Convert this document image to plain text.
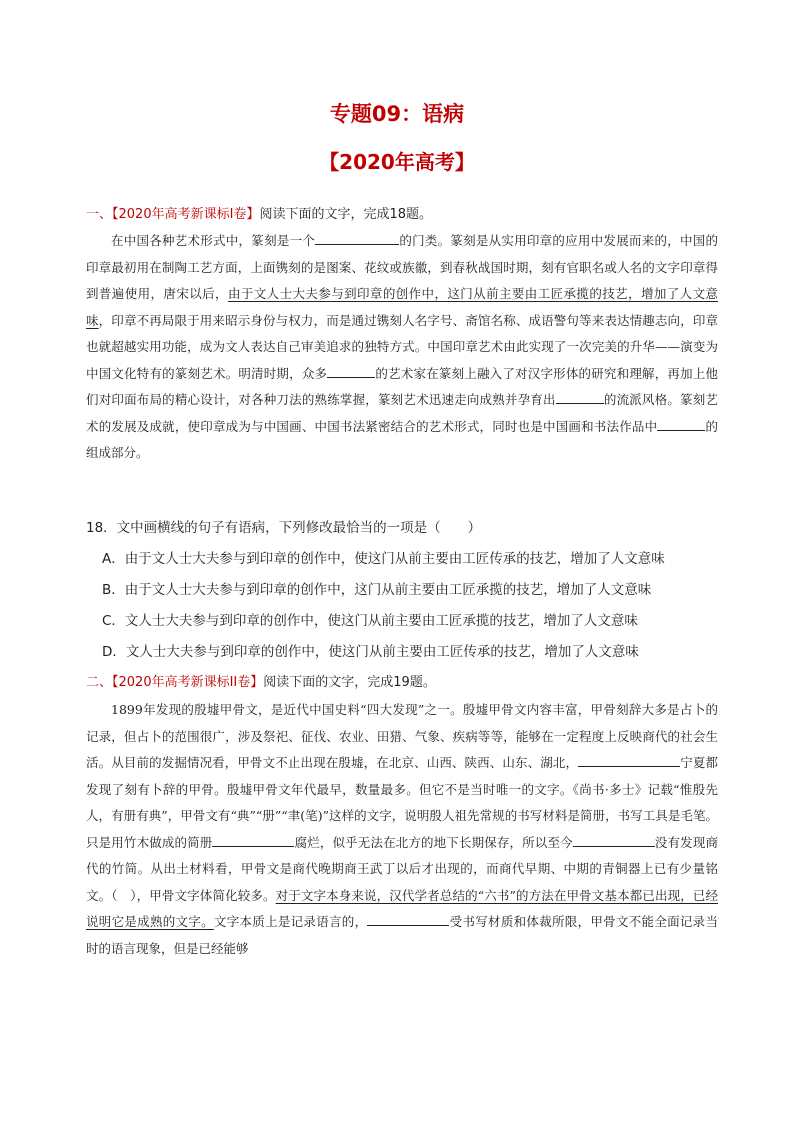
专题09：语病
【2020年高考】
一、【2020年高考新课标I卷】阅读下面的文字，完成18题。
在中国各种艺术形式中，篆刻是一个	的门类。篆刻是从实用印章的应用中发展而来的，中国的印章最初用在制陶工艺方面，上面镌刻的是图案、花纹或族徽，到春秋战国时期，刻有官职名或人名的文字印章得到普遍使用，唐宋以后，由于文人士大夫参与到印章的创作中，这门从前主要由工匠承揽的技艺，增加了人文意味，印章不再局限于用来昭示身份与权力，而是通过镌刻人名字号、斋馆名称、成语警句等来表达情趣志向，印章也就超越实用功能，成为文人表达自己审美追求的独特方式。中国印章艺术由此实现了一次完美的升华——演变为中国文化特有的篆刻艺术。明清时期，众多	的艺术家在篆刻上融入了对汉字形体的研究和理解，再加上他们对印面布局的精心设计，对各种刀法的熟练掌握，篆刻艺术迅速走向成熟并孕育出	的流派风格。篆刻艺术的发展及成就，使印章成为与中国画、中国书法紧密结合的艺术形式，同时也是中国画和书法作品中	的组成部分。
18．文中画横线的句子有语病，下列修改最恰当的一项是（　　）
A．由于文人士大夫参与到印章的创作中，使这门从前主要由工匠传承的技艺，增加了人文意味
B．由于文人士大夫参与到印章的创作中，这门从前主要由工匠承揽的技艺，增加了人文意味
C．文人士大夫参与到印章的创作中，使这门从前主要由工匠承揽的技艺，增加了人文意味
D．文人士大夫参与到印章的创作中，使这门从前主要由工匠传承的技艺，增加了人文意味
二、【2020年高考新课标II卷】阅读下面的文字，完成19题。
1899年发现的殷墟甲骨文，是近代中国史料“四大发现”之一。殷墟甲骨文内容丰富，甲骨刻辞大多是占卜的记录，但占卜的范围很广，涉及祭祀、征伐、农业、田猎、气象、疾病等等，能够在一定程度上反映商代的社会生活。从目前的发掘情况看，甲骨文不止出现在殷墟，在北京、山西、陕西、山东、湖北，	宁夏都发现了刻有卜辞的甲骨。殷墟甲骨文年代最早，数量最多。但它不是当时唯一的文字。《尚书·多士》记载“惟殷先人，有册有典”，甲骨文有“典”“册”“聿(笔)”这样的文字，说明殷人祖先常规的书写材料是简册，书写工具是毛笔。只是用竹木做成的简册	腐烂，似乎无法在北方的地下长期保存，所以至今	没有发现商代的竹简。从出土材料看，甲骨文是商代晚期商王武丁以后才出现的，而商代早期、中期的青铜器上已有少量铭文。（　），甲骨文字体简化较多。对于文字本身来说，汉代学者总结的“六书”的方法在甲骨文基本都已出现，已经说明它是成熟的文字。文字本质上是记录语言的，	受书写材质和体裁所限，甲骨文不能全面记录当时的语言现象，但是已经能够
